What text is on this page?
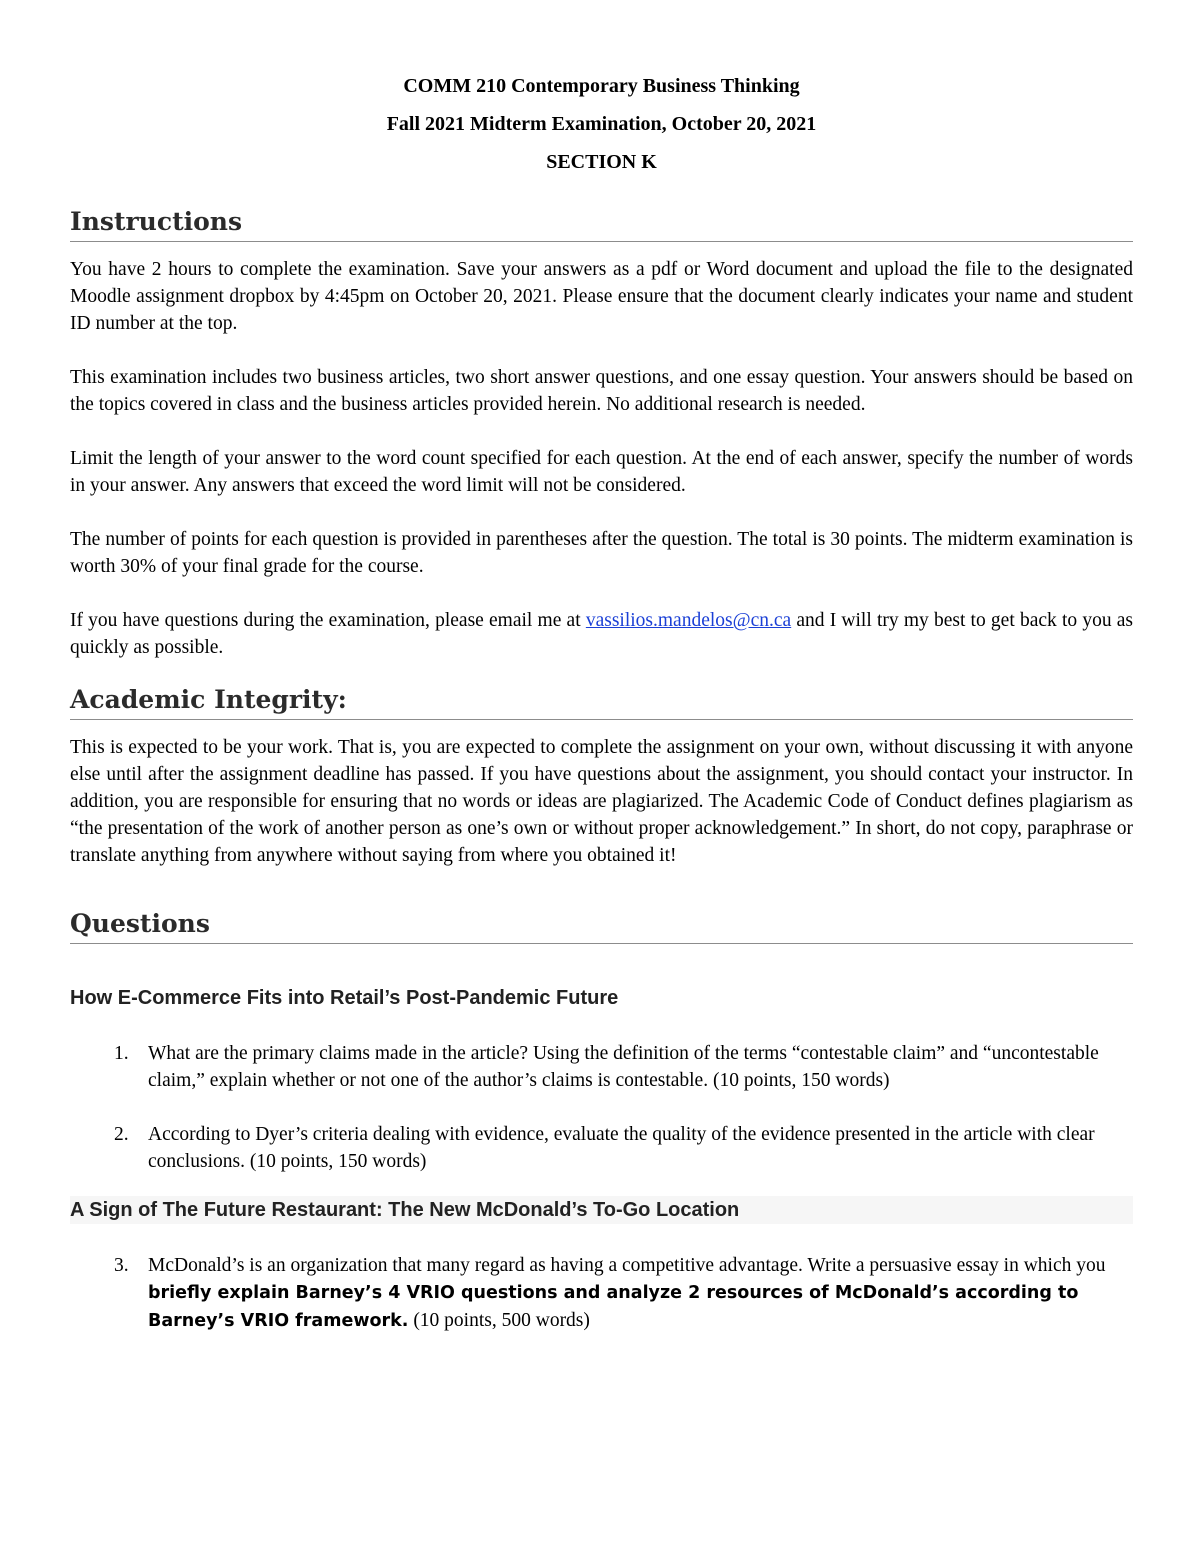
COMM 210 Contemporary Business Thinking
Fall 2021 Midterm Examination, October 20, 2021
SECTION K
Instructions

You have 2 hours to complete the examination. Save your answers as a pdf or Word document and upload the file to the designated Moodle assignment dropbox by 4:45pm on October 20, 2021. Please ensure that the document clearly indicates your name and student ID number at the top.

This examination includes two business articles, two short answer questions, and one essay question. Your answers should be based on the topics covered in class and the business articles provided herein. No additional research is needed.

Limit the length of your answer to the word count specified for each question. At the end of each answer, specify the number of words in your answer. Any answers that exceed the word limit will not be considered.

The number of points for each question is provided in parentheses after the question. The total is 30 points. The midterm examination is worth 30% of your final grade for the course.

If you have questions during the examination, please email me at vassilios.mandelos@cn.ca and I will try my best to get back to you as quickly as possible.

Academic Integrity:

This is expected to be your work. That is, you are expected to complete the assignment on your own, without discussing it with anyone else until after the assignment deadline has passed. If you have questions about the assignment, you should contact your instructor. In addition, you are responsible for ensuring that no words or ideas are plagiarized. The Academic Code of Conduct defines plagiarism as “the presentation of the work of another person as one’s own or without proper acknowledgement.” In short, do not copy, paraphrase or translate anything from anywhere without saying from where you obtained it!

Questions
How E-Commerce Fits into Retail’s Post-Pandemic Future
1. What are the primary claims made in the article? Using the definition of the terms “contestable claim” and “uncontestable claim,” explain whether or not one of the author’s claims is contestable. (10 points, 150 words)
2. According to Dyer’s criteria dealing with evidence, evaluate the quality of the evidence presented in the article with clear conclusions. (10 points, 150 words)
A Sign of The Future Restaurant: The New McDonald’s To-Go Location
3. McDonald’s is an organization that many regard as having a competitive advantage. Write a persuasive essay in which you briefly explain Barney’s 4 VRIO questions and analyze 2 resources of McDonald’s according to Barney’s VRIO framework. (10 points, 500 words)
